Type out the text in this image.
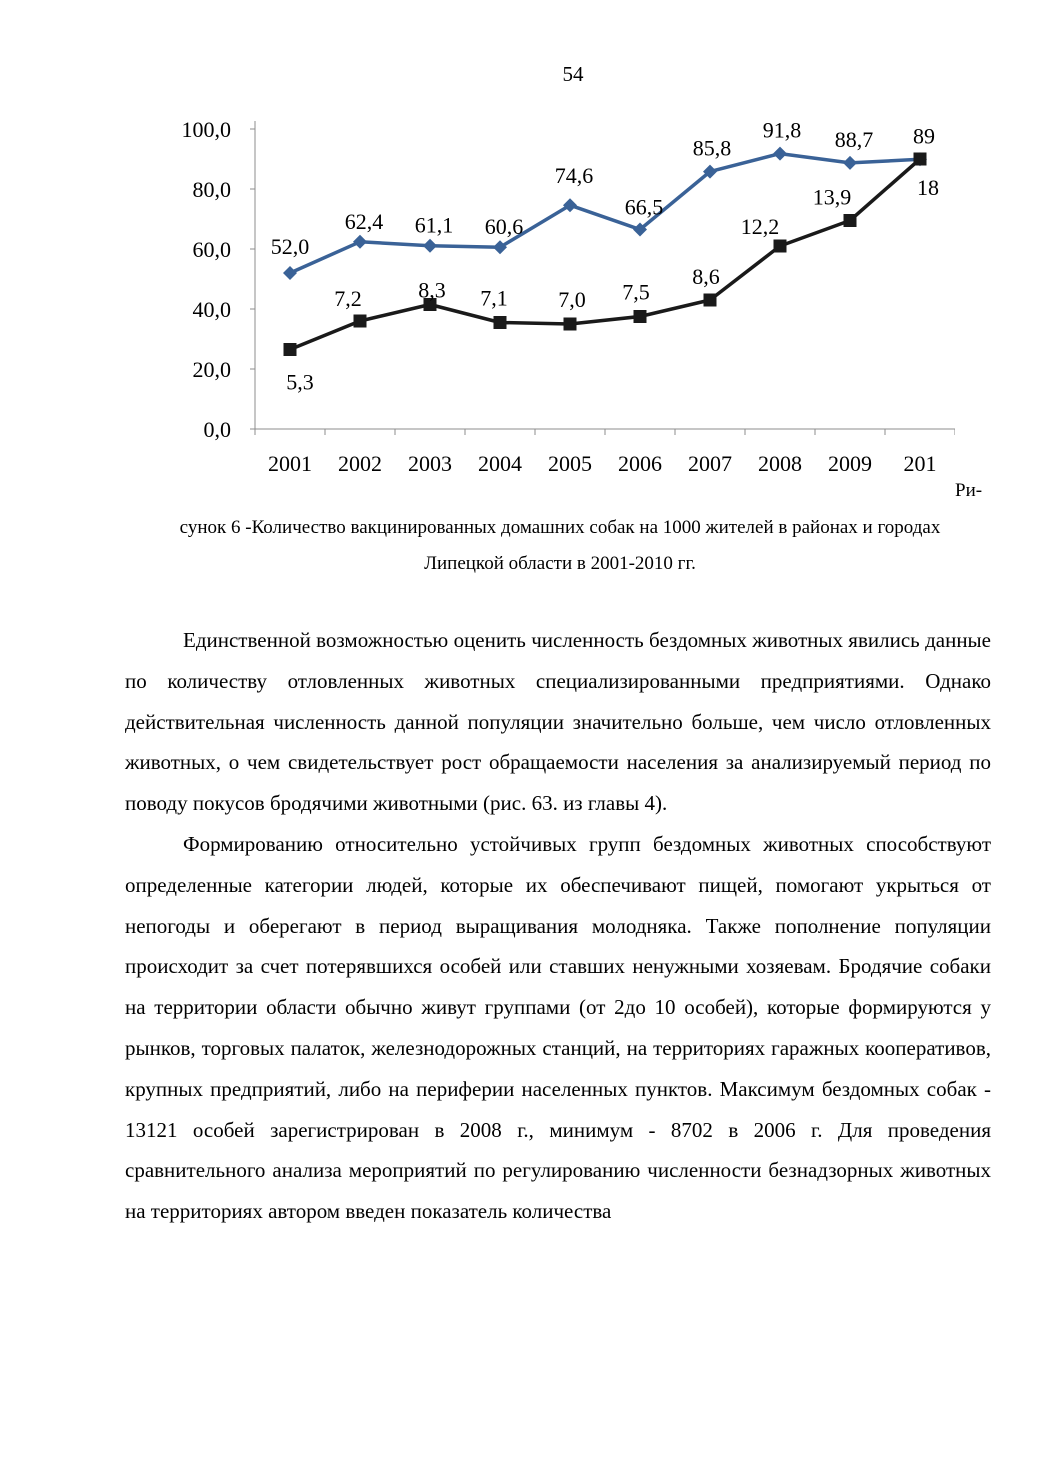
54
100,0
80,0
60,0
40,0
20,0
0,0
2001 2002 2003 2004 2005 2006 2007 2008 2009 201
52,0
62,4 61,1 60,6
74,6
66,5
85,8
91,8 88,7 89
5,3
7,2	8,3 7,1 7,0 7,5
8,6
12,2
13,9	18
Ри-
сунок 6 -Количество вакцинированных домашних собак на 1000 жителей в районах и городах
Липецкой области в 2001-2010 гг.

Единственной возможностью оценить численность бездомных животных явились данные по количеству отловленных животных специализированными предприятиями. Однако действительная численность данной популяции значительно больше, чем число отловленных животных, о чем свидетельствует рост обращаемости населения за анализируемый период по поводу покусов бродячими животными (рис. 63. из главы 4).

Формированию относительно устойчивых групп бездомных животных способствуют определенные категории людей, которые их обеспечивают пищей, помогают укрыться от непогоды и оберегают в период выращивания молодняка. Также пополнение популяции происходит за счет потерявшихся особей или ставших ненужными хозяевам. Бродячие собаки на территории области обычно живут группами (от 2до 10 особей), которые формируются у рынков, торговых палаток, железнодорожных станций, на территориях гаражных кооперативов, крупных предприятий, либо на периферии населенных пунктов. Максимум бездомных собак - 13121 особей зарегистрирован в 2008 г., минимум - 8702 в 2006 г. Для проведения сравнительного анализа мероприятий по регулированию численности безнадзорных животных на территориях автором введен показатель количества
